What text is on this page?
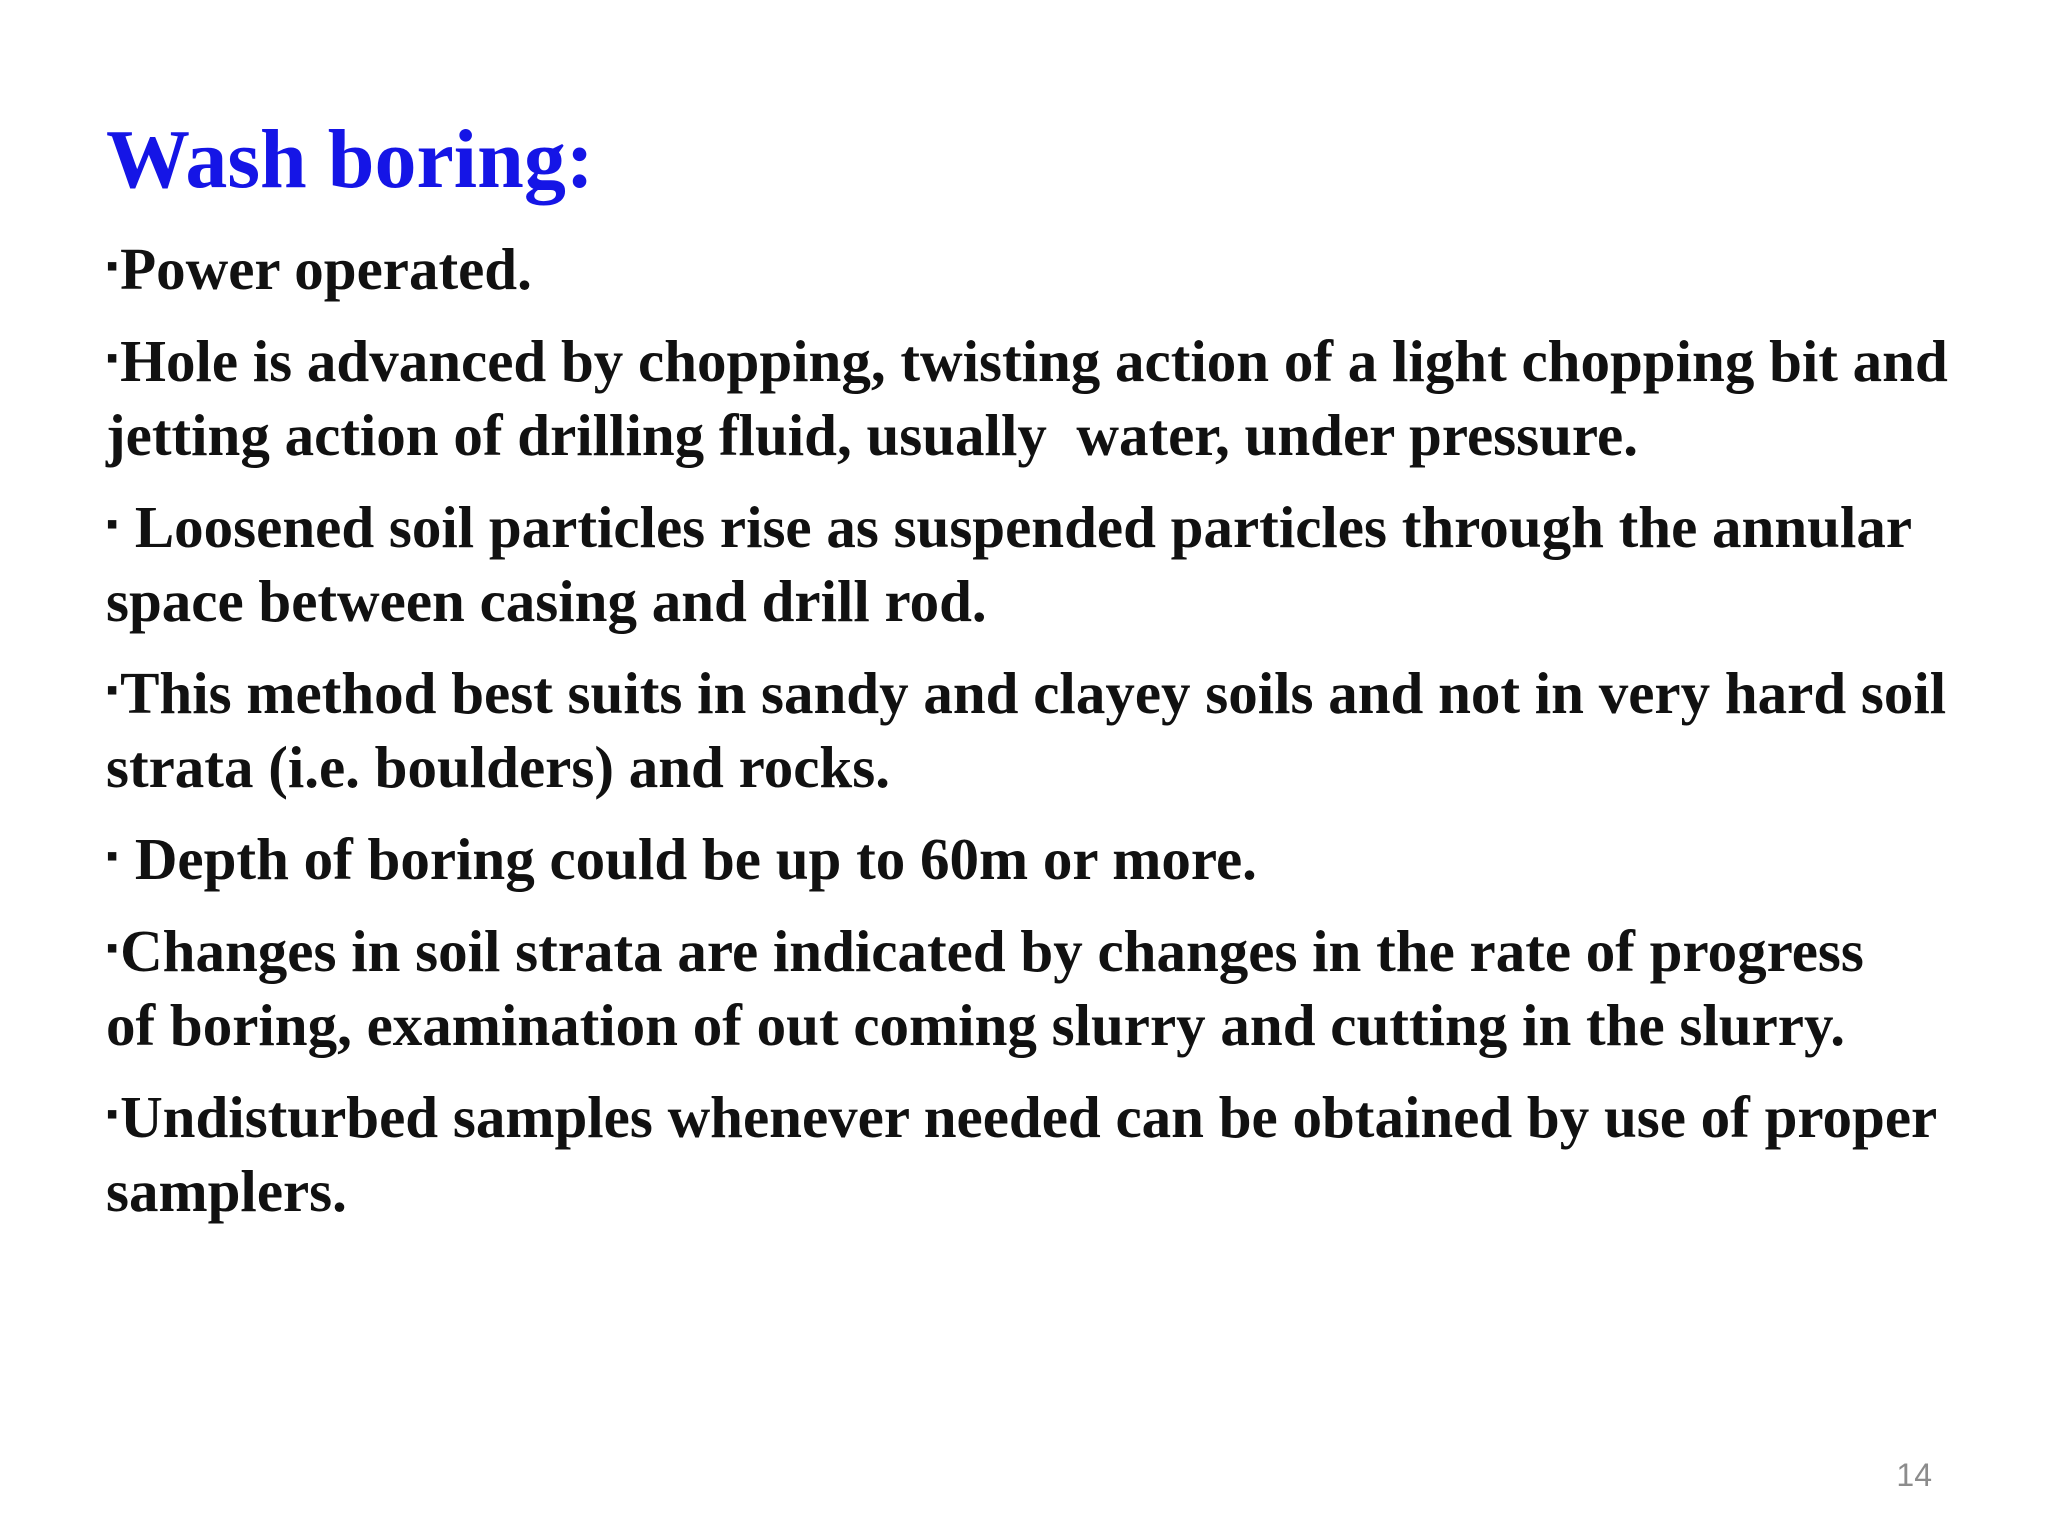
Wash boring:
▪Power operated.
▪Hole is advanced by chopping, twisting action of a light chopping bit and jetting action of drilling fluid, usually  water, under pressure.
▪ Loosened soil particles rise as suspended particles through the annular space between casing and drill rod.
▪This method best suits in sandy and clayey soils and not in very hard soil strata (i.e. boulders) and rocks.
▪ Depth of boring could be up to 60m or more.
▪Changes in soil strata are indicated by changes in the rate of progress of boring, examination of out coming slurry and cutting in the slurry.
▪Undisturbed samples whenever needed can be obtained by use of proper samplers.
14
